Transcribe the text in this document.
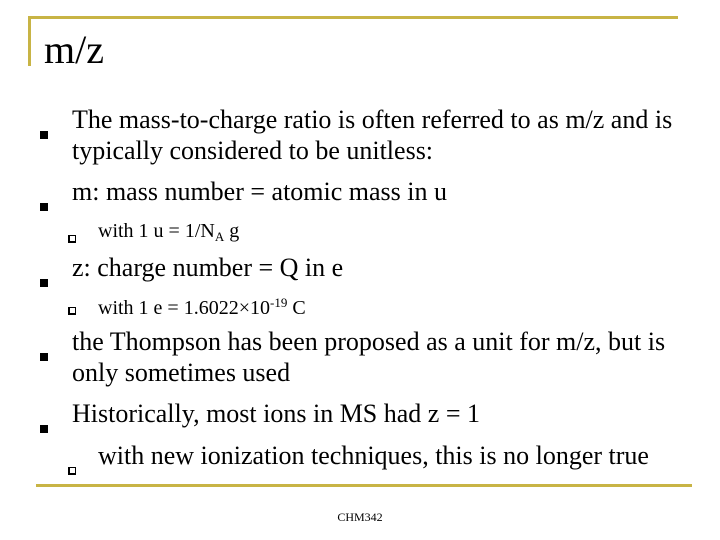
m/z
The mass-to-charge ratio is often referred to as m/z and is typically considered to be unitless:
m: mass number = atomic mass in u
with 1 $u = 1/N_A$ g
z: charge number = Q in e
with 1 $e = 1.6022\times 10^{-19}$ C
the Thompson has been proposed as a unit for m/z, but is only sometimes used
Historically, most ions in MS had z = 1
with new ionization techniques, this is no longer true
CHM342
